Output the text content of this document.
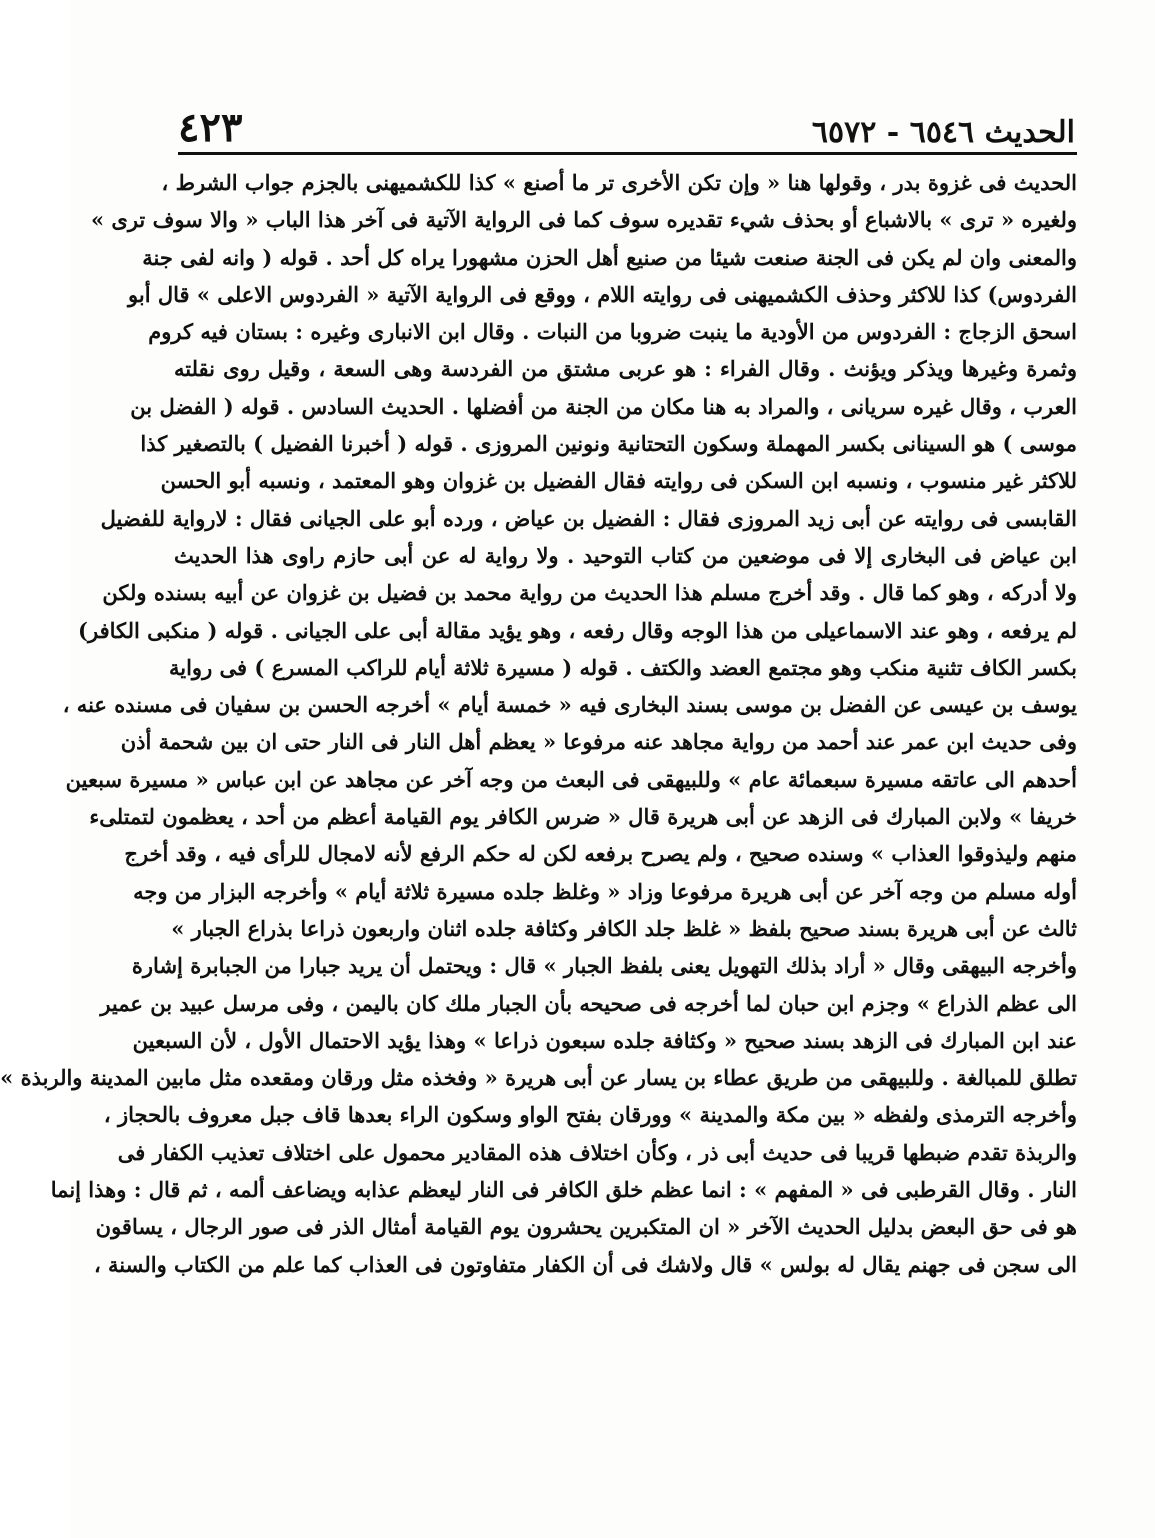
الحديث ٦٥٤٦ - ٦٥٧٢
٤٢٣
الحديث فى غزوة بدر ، وقولها هنا « وإن تكن الأخرى تر ما أصنع » كذا للكشميهنى بالجزم جواب الشرط ،
ولغيره « ترى » بالاشباع أو بحذف شيء تقديره سوف كما فى الرواية الآتية فى آخر هذا الباب « والا سوف ترى »
والمعنى وان لم يكن فى الجنة صنعت شيئا من صنيع أهل الحزن مشهورا يراه كل أحد . قوله ( وانه لفى جنة
الفردوس) كذا للاكثر وحذف الكشميهنى فى روايته اللام ، ووقع فى الرواية الآتية « الفردوس الاعلى » قال أبو
اسحق الزجاج : الفردوس من الأودية ما ينبت ضروبا من النبات . وقال ابن الانبارى وغيره : بستان فيه كروم
وثمرة وغيرها ويذكر ويؤنث . وقال الفراء : هو عربى مشتق من الفردسة وهى السعة ، وقيل روى نقلته
العرب ، وقال غيره سريانى ، والمراد به هنا مكان من الجنة من أفضلها . الحديث السادس . قوله ( الفضل بن
موسى ) هو السينانى بكسر المهملة وسكون التحتانية ونونين المروزى . قوله ( أخبرنا الفضيل ) بالتصغير كذا
للاكثر غير منسوب ، ونسبه ابن السكن فى روايته فقال الفضيل بن غزوان وهو المعتمد ، ونسبه أبو الحسن
القابسى فى روايته عن أبى زيد المروزى فقال : الفضيل بن عياض ، ورده أبو على الجيانى فقال : لارواية للفضيل
ابن عياض فى البخارى إلا فى موضعين من كتاب التوحيد . ولا رواية له عن أبى حازم راوى هذا الحديث
ولا أدركه ، وهو كما قال . وقد أخرج مسلم هذا الحديث من رواية محمد بن فضيل بن غزوان عن أبيه بسنده ولكن
لم يرفعه ، وهو عند الاسماعيلى من هذا الوجه وقال رفعه ، وهو يؤيد مقالة أبى على الجيانى . قوله ( منكبى الكافر)
بكسر الكاف تثنية منكب وهو مجتمع العضد والكتف . قوله ( مسيرة ثلاثة أيام للراكب المسرع ) فى رواية
يوسف بن عيسى عن الفضل بن موسى بسند البخارى فيه « خمسة أيام » أخرجه الحسن بن سفيان فى مسنده عنه ،
وفى حديث ابن عمر عند أحمد من رواية مجاهد عنه مرفوعا « يعظم أهل النار فى النار حتى ان بين شحمة أذن
أحدهم الى عاتقه مسيرة سبعمائة عام » وللبيهقى فى البعث من وجه آخر عن مجاهد عن ابن عباس « مسيرة سبعين
خريفا » ولابن المبارك فى الزهد عن أبى هريرة قال « ضرس الكافر يوم القيامة أعظم من أحد ، يعظمون لتمتلىء
منهم وليذوقوا العذاب » وسنده صحيح ، ولم يصرح برفعه لكن له حكم الرفع لأنه لامجال للرأى فيه ، وقد أخرج
أوله مسلم من وجه آخر عن أبى هريرة مرفوعا وزاد « وغلظ جلده مسيرة ثلاثة أيام » وأخرجه البزار من وجه
ثالث عن أبى هريرة بسند صحيح بلفظ « غلظ جلد الكافر وكثافة جلده اثنان واربعون ذراعا بذراع الجبار »
وأخرجه البيهقى وقال « أراد بذلك التهويل يعنى بلفظ الجبار » قال : ويحتمل أن يريد جبارا من الجبابرة إشارة
الى عظم الذراع » وجزم ابن حبان لما أخرجه فى صحيحه بأن الجبار ملك كان باليمن ، وفى مرسل عبيد بن عمير
عند ابن المبارك فى الزهد بسند صحيح « وكثافة جلده سبعون ذراعا » وهذا يؤيد الاحتمال الأول ، لأن السبعين
تطلق للمبالغة . وللبيهقى من طريق عطاء بن يسار عن أبى هريرة « وفخذه مثل ورقان ومقعده مثل مابين المدينة والربذة »
وأخرجه الترمذى ولفظه « بين مكة والمدينة » وورقان بفتح الواو وسكون الراء بعدها قاف جبل معروف بالحجاز ،
والربذة تقدم ضبطها قريبا فى حديث أبى ذر ، وكأن اختلاف هذه المقادير محمول على اختلاف تعذيب الكفار فى
النار . وقال القرطبى فى « المفهم » : انما عظم خلق الكافر فى النار ليعظم عذابه ويضاعف ألمه ، ثم قال : وهذا إنما
هو فى حق البعض بدليل الحديث الآخر « ان المتكبرين يحشرون يوم القيامة أمثال الذر فى صور الرجال ، يساقون
الى سجن فى جهنم يقال له بولس » قال ولاشك فى أن الكفار متفاوتون فى العذاب كما علم من الكتاب والسنة ،
